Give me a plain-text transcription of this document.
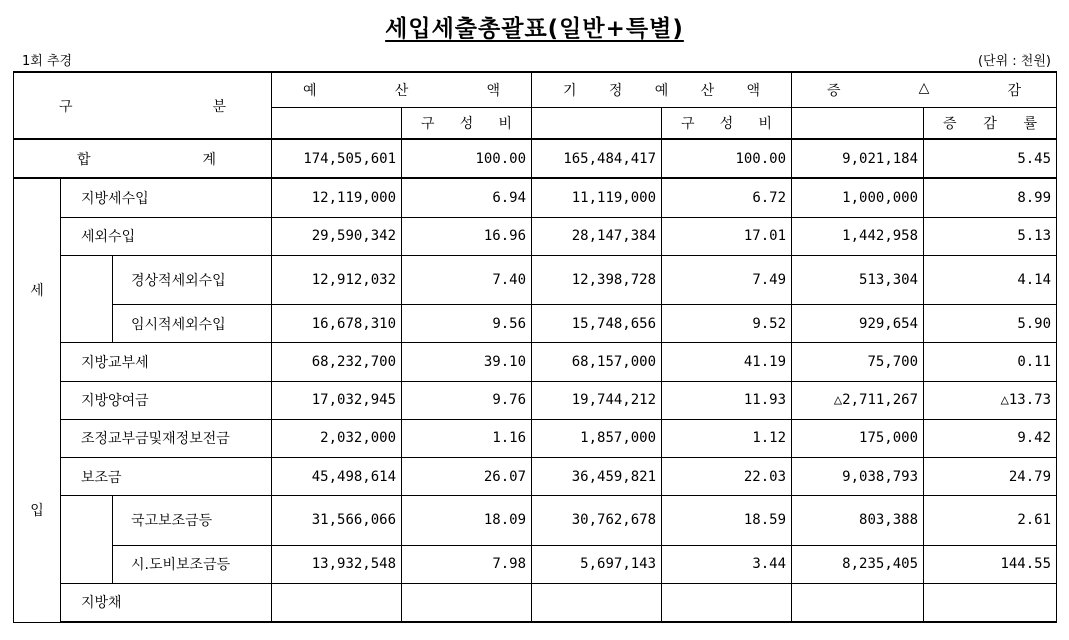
세입세출총괄표(일반+특별)
1회 추경	(단위 : 천원)
구 분			예 산 액		기 정 예 산 액		증 △ 감	

				구 성 비		구 성 비		증 감 률

합 계			174,505,601	100.00	165,484,417	100.00	9,021,184	5.45

세
입	지방세수입		12,119,000	6.94	11,119,000	6.72	1,000,000	8.99
	세외수입		29,590,342	16.96	28,147,384	17.01	1,442,958	5.13
		경상적세외수입	12,912,032	7.40	12,398,728	7.49	513,304	4.14
		임시적세외수입	16,678,310	9.56	15,748,656	9.52	929,654	5.90
	지방교부세		68,232,700	39.10	68,157,000	41.19	75,700	0.11
	지방양여금		17,032,945	9.76	19,744,212	11.93	△2,711,267	△13.73
	조정교부금및재정보전금		2,032,000	1.16	1,857,000	1.12	175,000	9.42
	보조금		45,498,614	26.07	36,459,821	22.03	9,038,793	24.79
		국고보조금등	31,566,066	18.09	30,762,678	18.59	803,388	2.61
		시.도비보조금등	13,932,548	7.98	5,697,143	3.44	8,235,405	144.55
	지방채							
